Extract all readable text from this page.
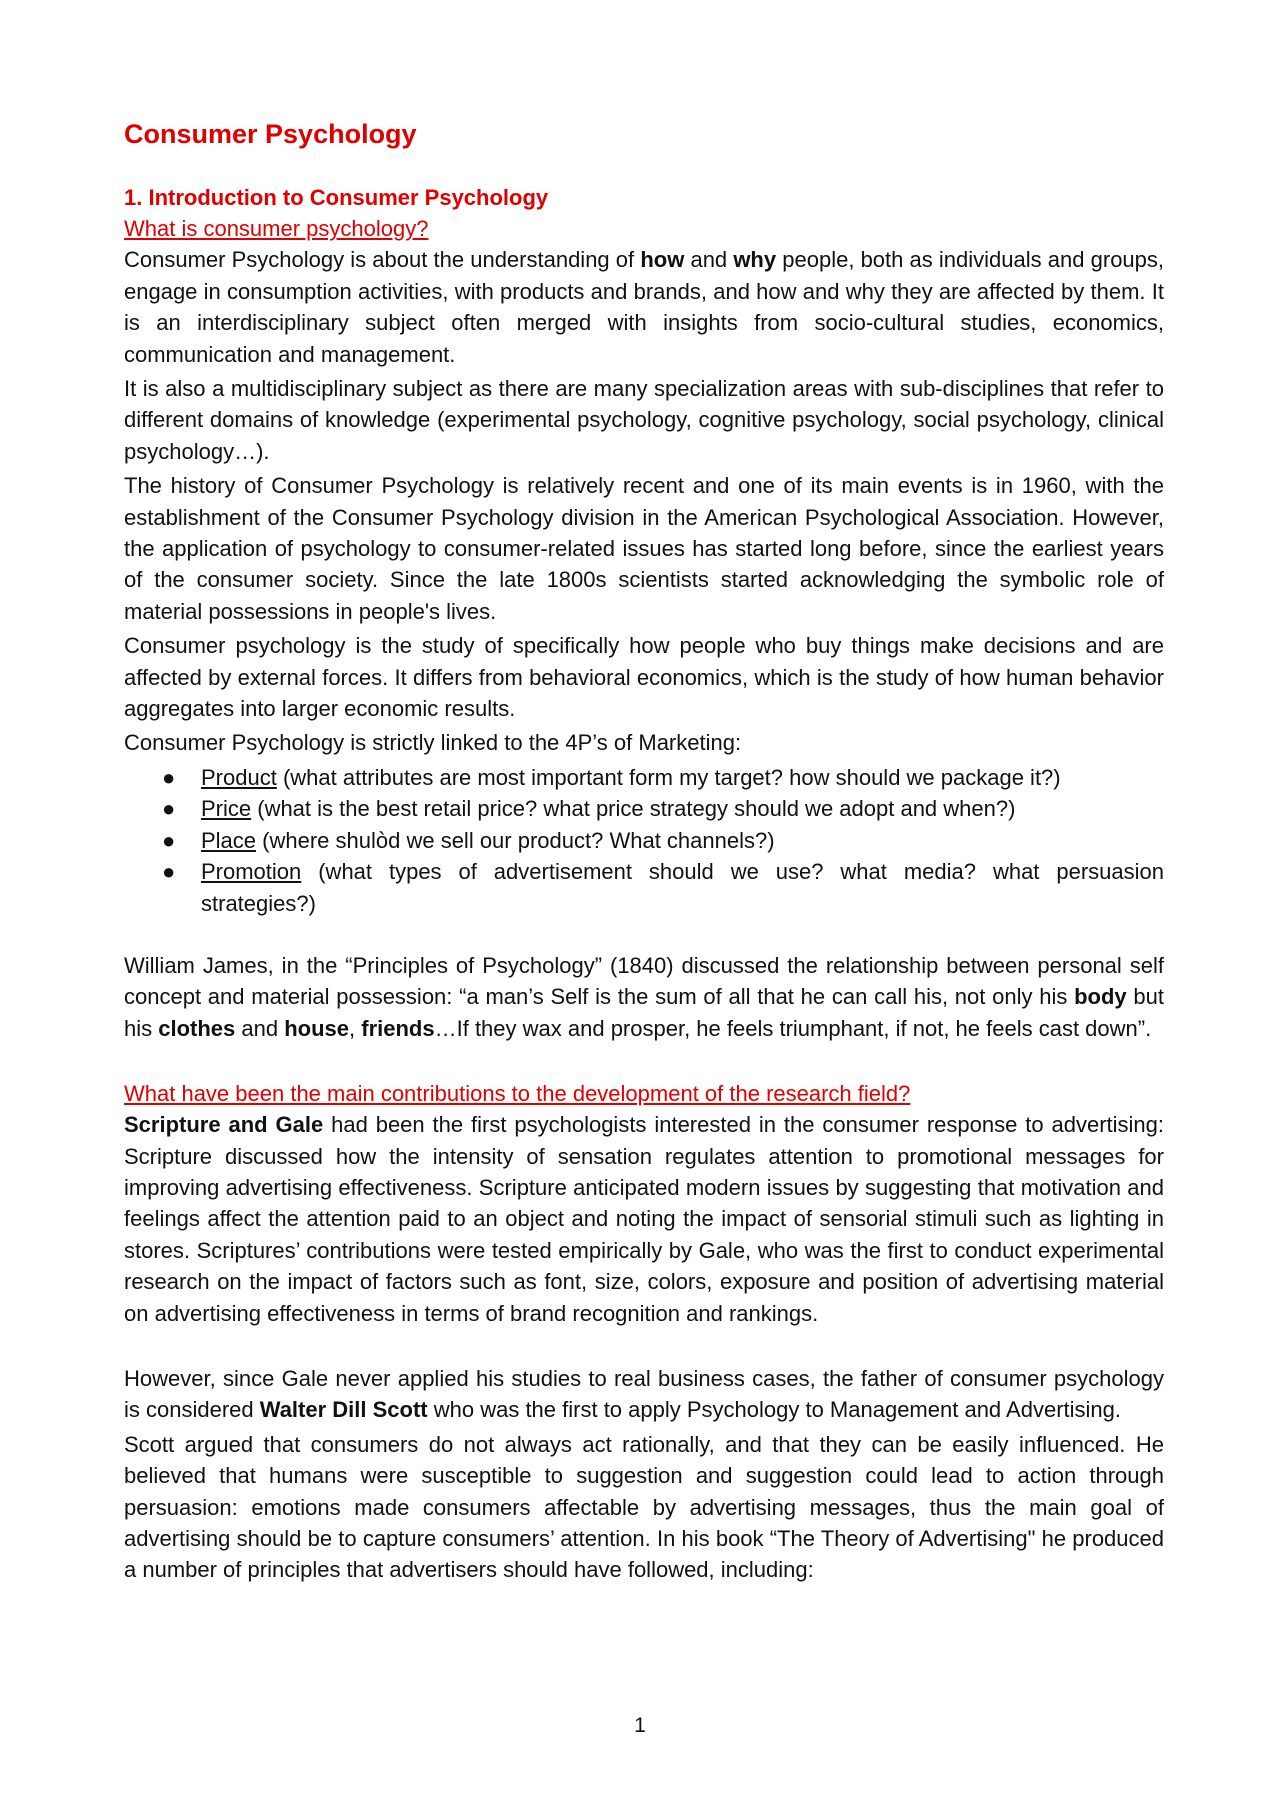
Consumer Psychology
1. Introduction to Consumer Psychology
What is consumer psychology?

Consumer Psychology is about the understanding of how and why people, both as individuals and groups, engage in consumption activities, with products and brands, and how and why they are affected by them. It is an interdisciplinary subject often merged with insights from socio-cultural studies, economics, communication and management.

It is also a multidisciplinary subject as there are many specialization areas with sub-disciplines that refer to different domains of knowledge (experimental psychology, cognitive psychology, social psychology, clinical psychology…).

The history of Consumer Psychology is relatively recent and one of its main events is in 1960, with the establishment of the Consumer Psychology division in the American Psychological Association. However, the application of psychology to consumer-related issues has started long before, since the earliest years of the consumer society. Since the late 1800s scientists started acknowledging the symbolic role of material possessions in people's lives.

Consumer psychology is the study of specifically how people who buy things make decisions and are affected by external forces. It differs from behavioral economics, which is the study of how human behavior aggregates into larger economic results.

Consumer Psychology is strictly linked to the 4P’s of Marketing:

● Product (what attributes are most important form my target? how should we package it?)
● Price (what is the best retail price? what price strategy should we adopt and when?)
● Place (where shulòd we sell our product? What channels?)
● Promotion (what types of advertisement should we use? what media? what persuasion strategies?)

William James, in the “Principles of Psychology” (1840) discussed the relationship between personal self concept and material possession: “a man’s Self is the sum of all that he can call his, not only his body but his clothes and house, friends…If they wax and prosper, he feels triumphant, if not, he feels cast down”.

What have been the main contributions to the development of the research field?

Scripture and Gale had been the first psychologists interested in the consumer response to advertising: Scripture discussed how the intensity of sensation regulates attention to promotional messages for improving advertising effectiveness. Scripture anticipated modern issues by suggesting that motivation and feelings affect the attention paid to an object and noting the impact of sensorial stimuli such as lighting in stores. Scriptures’ contributions were tested empirically by Gale, who was the first to conduct experimental research on the impact of factors such as font, size, colors, exposure and position of advertising material on advertising effectiveness in terms of brand recognition and rankings.

However, since Gale never applied his studies to real business cases, the father of consumer psychology is considered Walter Dill Scott who was the first to apply Psychology to Management and Advertising.

Scott argued that consumers do not always act rationally, and that they can be easily influenced. He believed that humans were susceptible to suggestion and suggestion could lead to action through persuasion: emotions made consumers affectable by advertising messages, thus the main goal of advertising should be to capture consumers’ attention. In his book “The Theory of Advertising" he produced a number of principles that advertisers should have followed, including:

1
